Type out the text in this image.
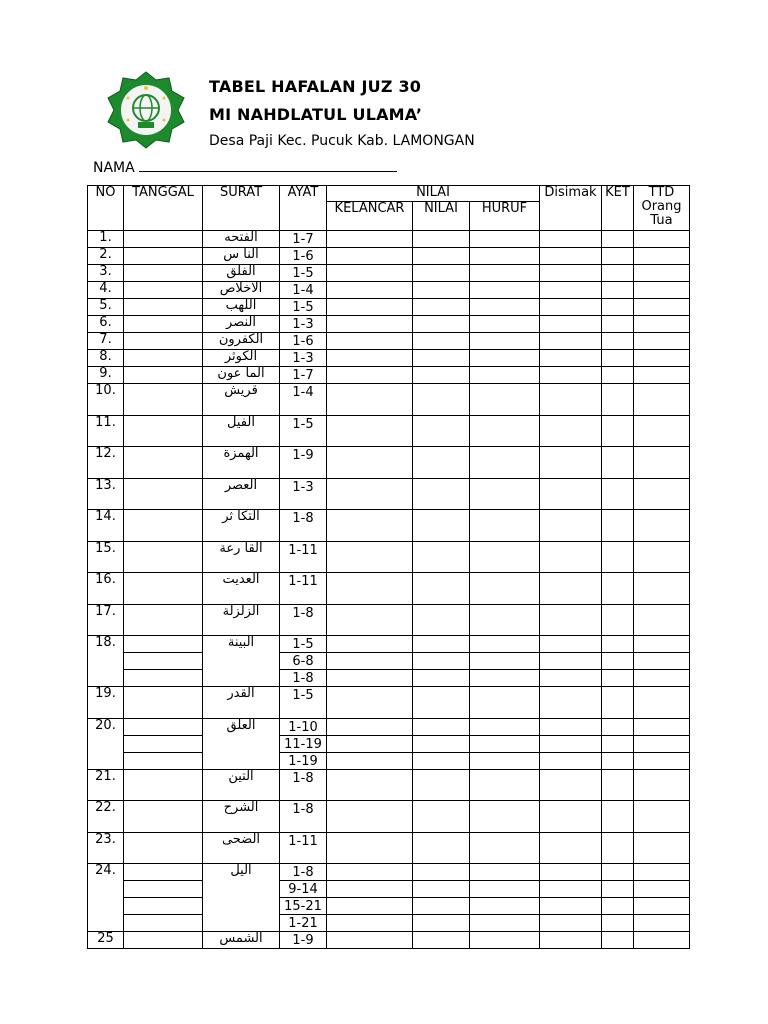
TABEL HAFALAN JUZ 30
MI NAHDLATUL ULAMA’
Desa Paji Kec. Pucuk Kab. LAMONGAN
NAMA
NO	TANGGAL	SURAT	AYAT	NILAI			Disimak	KET	TTD Orang Tua
				KELANCAR	NILAI	HURUF			
1.		الفتحه	1-7						
2.		النا س	1-6						
3.		الفلق	1-5						
4.		الاخلاص	1-4						
5.		اللهب	1-5						
6.		النصر	1-3						
7.		الكفرون	1-6						
8.		الكوثر	1-3						
9.		الما عون	1-7						
10.		قريش	1-4						
11.		الفيل	1-5						
12.		الهمزة	1-9						
13.		العصر	1-3						
14.		التكا ثر	1-8						
15.		القا رعة	1-11						
16.		العديت	1-11						
17.		الزلزلة	1-8						
18.		البينة	1-5						
			6-8						
			1-8						
19.		القدر	1-5						
20.		العلق	1-10						
			11-19						
			1-19						
21.		التين	1-8						
22.		الشرح	1-8						
23.		الضحى	1-11						
24.		اليل	1-8						
			9-14						
			15-21						
			1-21						
25		الشمس	1-9						
